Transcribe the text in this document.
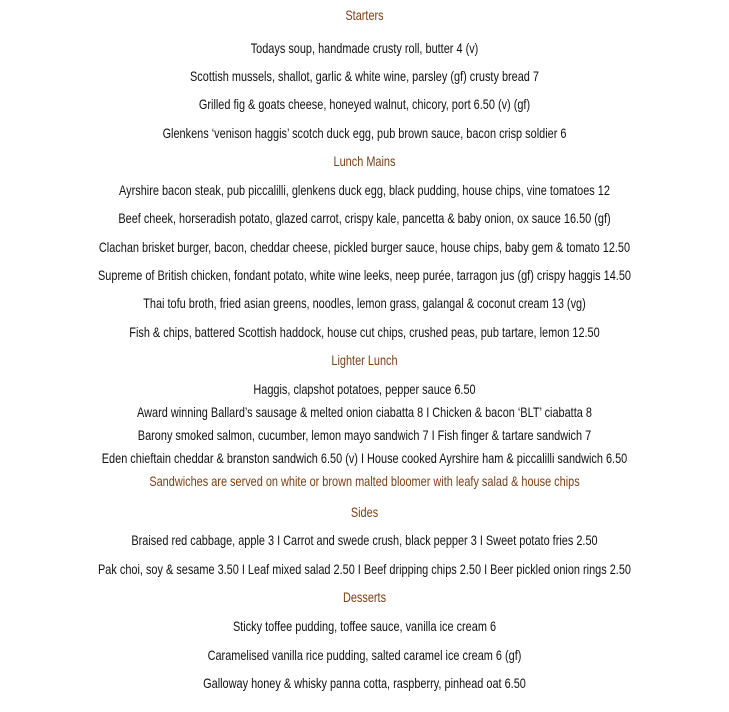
Starters
Todays soup, handmade crusty roll, butter 4 (v)
Scottish mussels, shallot, garlic & white wine, parsley (gf) crusty bread 7
Grilled fig & goats cheese, honeyed walnut, chicory, port 6.50 (v) (gf)
Glenkens ‘venison haggis’ scotch duck egg, pub brown sauce, bacon crisp soldier 6
Lunch Mains
Ayrshire bacon steak, pub piccalilli, glenkens duck egg, black pudding, house chips, vine tomatoes 12
Beef cheek, horseradish potato, glazed carrot, crispy kale, pancetta & baby onion, ox sauce 16.50 (gf)
Clachan brisket burger, bacon, cheddar cheese, pickled burger sauce, house chips, baby gem & tomato 12.50
Supreme of British chicken, fondant potato, white wine leeks, neep purée, tarragon jus (gf) crispy haggis 14.50
Thai tofu broth, fried asian greens, noodles, lemon grass, galangal & coconut cream 13 (vg)
Fish & chips, battered Scottish haddock, house cut chips, crushed peas, pub tartare, lemon 12.50
Lighter Lunch
Haggis, clapshot potatoes, pepper sauce 6.50
Award winning Ballard’s sausage & melted onion ciabatta 8 I Chicken & bacon ‘BLT’ ciabatta 8
Barony smoked salmon, cucumber, lemon mayo sandwich 7 I Fish finger & tartare sandwich 7
Eden chieftain cheddar & branston sandwich 6.50 (v) I House cooked Ayrshire ham & piccalilli sandwich 6.50
Sandwiches are served on white or brown malted bloomer with leafy salad & house chips
Sides
Braised red cabbage, apple 3 I Carrot and swede crush, black pepper 3 I Sweet potato fries 2.50
Pak choi, soy & sesame 3.50 I Leaf mixed salad 2.50 I Beef dripping chips 2.50 I Beer pickled onion rings 2.50
Desserts
Sticky toffee pudding, toffee sauce, vanilla ice cream 6
Caramelised vanilla rice pudding, salted caramel ice cream 6 (gf)
Galloway honey & whisky panna cotta, raspberry, pinhead oat 6.50
